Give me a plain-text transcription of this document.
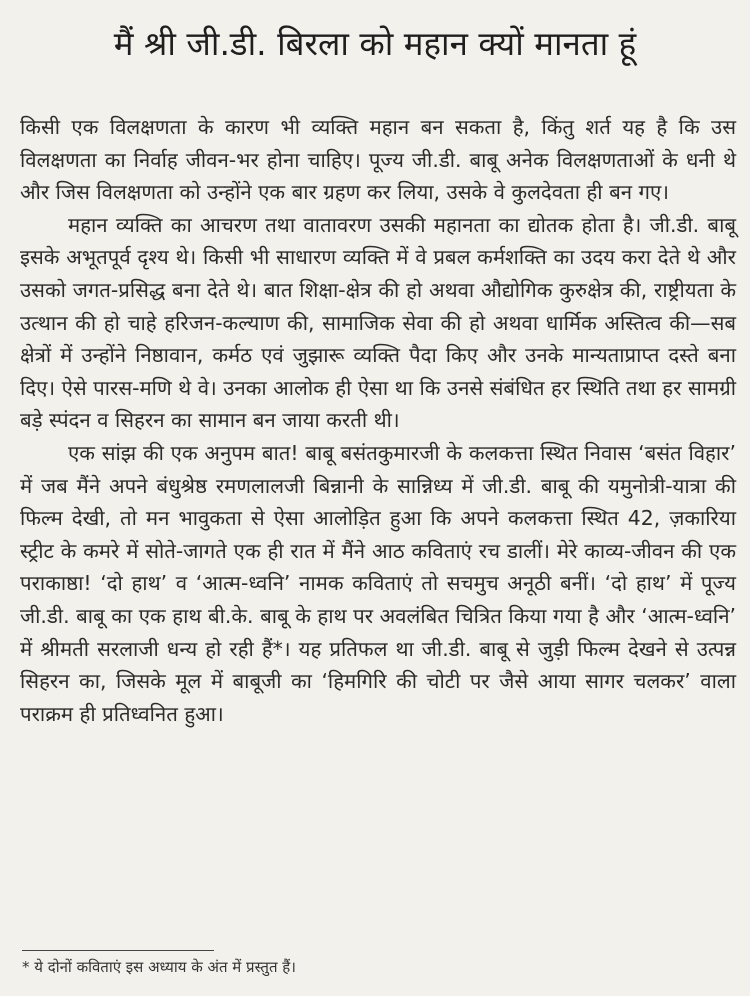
मैं श्री जी.डी. बिरला को महान क्यों मानता हूं

किसी एक विलक्षणता के कारण भी व्यक्ति महान बन सकता है, किंतु शर्त यह है कि उस विलक्षणता का निर्वाह जीवन-भर होना चाहिए। पूज्य जी.डी. बाबू अनेक विलक्षणताओं के धनी थे और जिस विलक्षणता को उन्होंने एक बार ग्रहण कर लिया, उसके वे कुलदेवता ही बन गए।

महान व्यक्ति का आचरण तथा वातावरण उसकी महानता का द्योतक होता है। जी.डी. बाबू इसके अभूतपूर्व दृश्य थे। किसी भी साधारण व्यक्ति में वे प्रबल कर्मशक्ति का उदय करा देते थे और उसको जगत-प्रसिद्ध बना देते थे। बात शिक्षा-क्षेत्र की हो अथवा औद्योगिक कुरुक्षेत्र की, राष्ट्रीयता के उत्थान की हो चाहे हरिजन-कल्याण की, सामाजिक सेवा की हो अथवा धार्मिक अस्तित्व की—सब क्षेत्रों में उन्होंने निष्ठावान, कर्मठ एवं जुझारू व्यक्ति पैदा किए और उनके मान्यताप्राप्त दस्ते बना दिए। ऐसे पारस-मणि थे वे। उनका आलोक ही ऐसा था कि उनसे संबंधित हर स्थिति तथा हर सामग्री बड़े स्पंदन व सिहरन का सामान बन जाया करती थी।

एक सांझ की एक अनुपम बात! बाबू बसंतकुमारजी के कलकत्ता स्थित निवास ‘बसंत विहार’ में जब मैंने अपने बंधुश्रेष्ठ रमणलालजी बिन्नानी के सान्निध्य में जी.डी. बाबू की यमुनोत्री-यात्रा की फिल्म देखी, तो मन भावुकता से ऐसा आलोड़ित हुआ कि अपने कलकत्ता स्थित 42, ज़कारिया स्ट्रीट के कमरे में सोते-जागते एक ही रात में मैंने आठ कविताएं रच डालीं। मेरे काव्य-जीवन की एक पराकाष्ठा! ‘दो हाथ’ व ‘आत्म-ध्वनि’ नामक कविताएं तो सचमुच अनूठी बनीं। ‘दो हाथ’ में पूज्य जी.डी. बाबू का एक हाथ बी.के. बाबू के हाथ पर अवलंबित चित्रित किया गया है और ‘आत्म-ध्वनि’ में श्रीमती सरलाजी धन्य हो रही हैं*। यह प्रतिफल था जी.डी. बाबू से जुड़ी फिल्म देखने से उत्पन्न सिहरन का, जिसके मूल में बाबूजी का ‘हिमगिरि की चोटी पर जैसे आया सागर चलकर’ वाला पराक्रम ही प्रतिध्वनित हुआ।

* ये दोनों कविताएं इस अध्याय के अंत में प्रस्तुत हैं।
